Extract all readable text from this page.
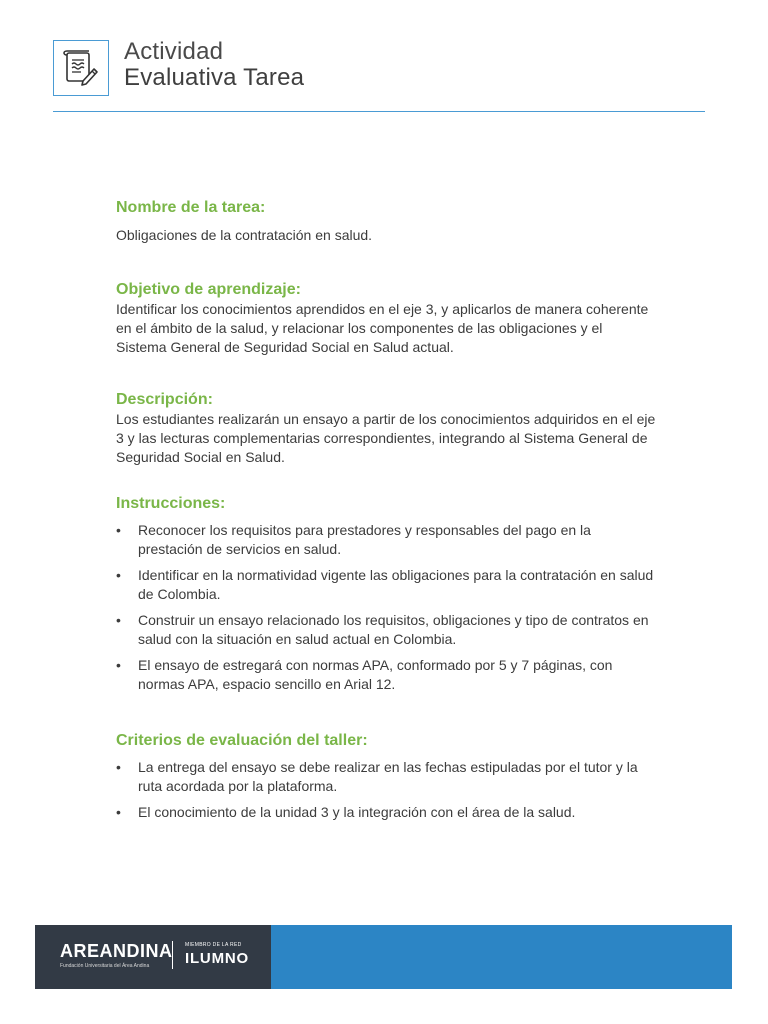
Actividad
Evaluativa Tarea
Nombre de la tarea:

Obligaciones de la contratación en salud.

Objetivo de aprendizaje:

Identificar los conocimientos aprendidos en el eje 3, y aplicarlos de manera coherente en el ámbito de la salud, y relacionar los componentes de las obligaciones y el Sistema General de Seguridad Social en Salud actual.

Descripción:

Los estudiantes realizarán un ensayo a partir de los conocimientos adquiridos en el eje 3 y las lecturas complementarias correspondientes, integrando al Sistema General de Seguridad Social en Salud.

Instrucciones:
• Reconocer los requisitos para prestadores y responsables del pago en la prestación de servicios en salud.
• Identificar en la normatividad vigente las obligaciones para la contratación en salud de Colombia.
• Construir un ensayo relacionado los requisitos, obligaciones y tipo de contratos en salud con la situación en salud actual en Colombia.
• El ensayo de estregará con normas APA, conformado por 5 y 7 páginas, con normas APA, espacio sencillo en Arial 12.
Criterios de evaluación del taller:
• La entrega del ensayo se debe realizar en las fechas estipuladas por el tutor y la ruta acordada por la plataforma.
• El conocimiento de la unidad 3 y la integración con el área de la salud.
AREANDINA
Fundación Universitaria del Área Andina
MIEMBRO DE LA RED
ILUMNO
